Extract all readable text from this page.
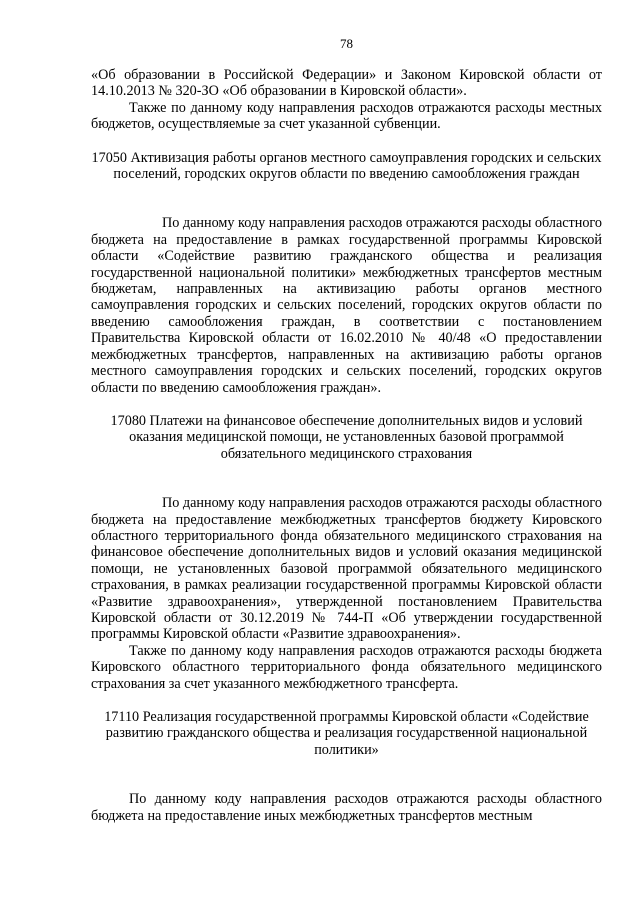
78

«Об образовании в Российской Федерации» и Законом Кировской области от 14.10.2013 № 320-ЗО «Об образовании в Кировской области».

Также по данному коду направления расходов отражаются расходы местных бюджетов, осуществляемые за счет указанной субвенции.

17050 Активизация работы органов местного самоуправления городских и сельских поселений, городских округов области по введению самообложения граждан

По данному коду направления расходов отражаются расходы областного бюджета на предоставление в рамках государственной программы Кировской области «Содействие развитию гражданского общества и реализация государственной национальной политики» межбюджетных трансфертов местным бюджетам, направленных на активизацию работы органов местного самоуправления городских и сельских поселений, городских округов области по введению самообложения граждан, в соответствии с постановлением Правительства Кировской области от 16.02.2010 № 40/48 «О предоставлении межбюджетных трансфертов, направленных на активизацию работы органов местного самоуправления городских и сельских поселений, городских округов области по введению самообложения граждан».

17080 Платежи на финансовое обеспечение дополнительных видов и условий оказания медицинской помощи, не установленных базовой программой обязательного медицинского страхования

По данному коду направления расходов отражаются расходы областного бюджета на предоставление межбюджетных трансфертов бюджету Кировского областного территориального фонда обязательного медицинского страхования на финансовое обеспечение дополнительных видов и условий оказания медицинской помощи, не установленных базовой программой обязательного медицинского страхования, в рамках реализации государственной программы Кировской области «Развитие здравоохранения», утвержденной постановлением Правительства Кировской области от 30.12.2019 № 744-П «Об утверждении государственной программы Кировской области «Развитие здравоохранения».

Также по данному коду направления расходов отражаются расходы бюджета Кировского областного территориального фонда обязательного медицинского страхования за счет указанного межбюджетного трансферта.

17110 Реализация государственной программы Кировской области «Содействие развитию гражданского общества и реализация государственной национальной политики»

По данному коду направления расходов отражаются расходы областного бюджета на предоставление иных межбюджетных трансфертов местным
